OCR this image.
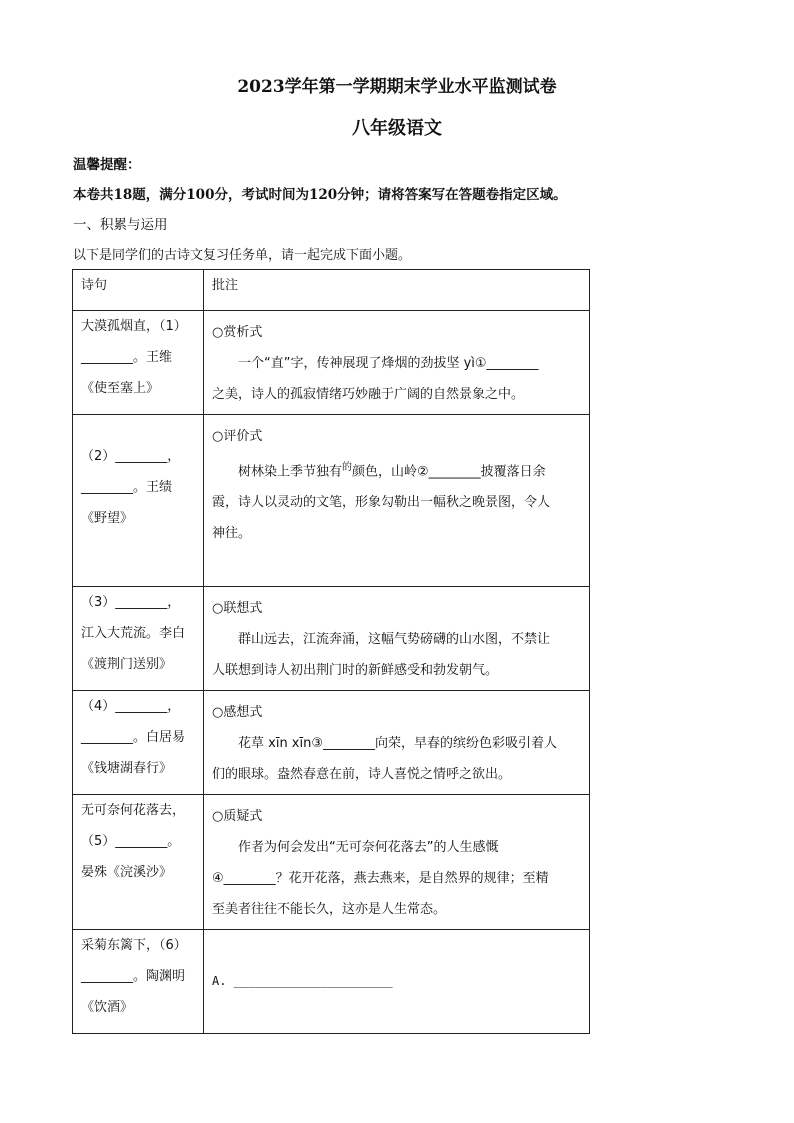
2023学年第一学期期末学业水平监测试卷
八年级语文
温馨提醒：
本卷共18题，满分100分，考试时间为120分钟；请将答案写在答题卷指定区域。
一、积累与运用
以下是同学们的古诗文复习任务单，请一起完成下面小题。
诗句	批注

大漠孤烟直，（1）
________。王维
《使至塞上》	○赏析式
一个“直”字，传神展现了烽烟的劲拔坚 yì①________
之美，诗人的孤寂情绪巧妙融于广阔的自然景象之中。

（2）________，
________。王绩
《野望》	○评价式
树林染上季节独有$^的$颜色，山岭②________披覆落日余
霞，诗人以灵动的文笔，形象勾勒出一幅秋之晚景图，令人
神往。

（3）________，
江入大荒流。李白
《渡荆门送别》	○联想式
群山远去，江流奔涌，这幅气势磅礴的山水图，不禁让
人联想到诗人初出荆门时的新鲜感受和勃发朝气。

（4）________，
________。白居易
《钱塘湖春行》	○感想式
花草 xīn xīn③________向荣，早春的缤纷色彩吸引着人
们的眼球。盎然春意在前，诗人喜悦之情呼之欲出。

无可奈何花落去，
（5）________。
晏殊《浣溪沙》	○质疑式
作者为何会发出“无可奈何花落去”的人生感慨
④________？花开花落，燕去燕来，是自然界的规律；至精
至美者往往不能长久，这亦是人生常态。

采菊东篱下，（6）
________。陶渊明
《饮酒》	A. ______________________
